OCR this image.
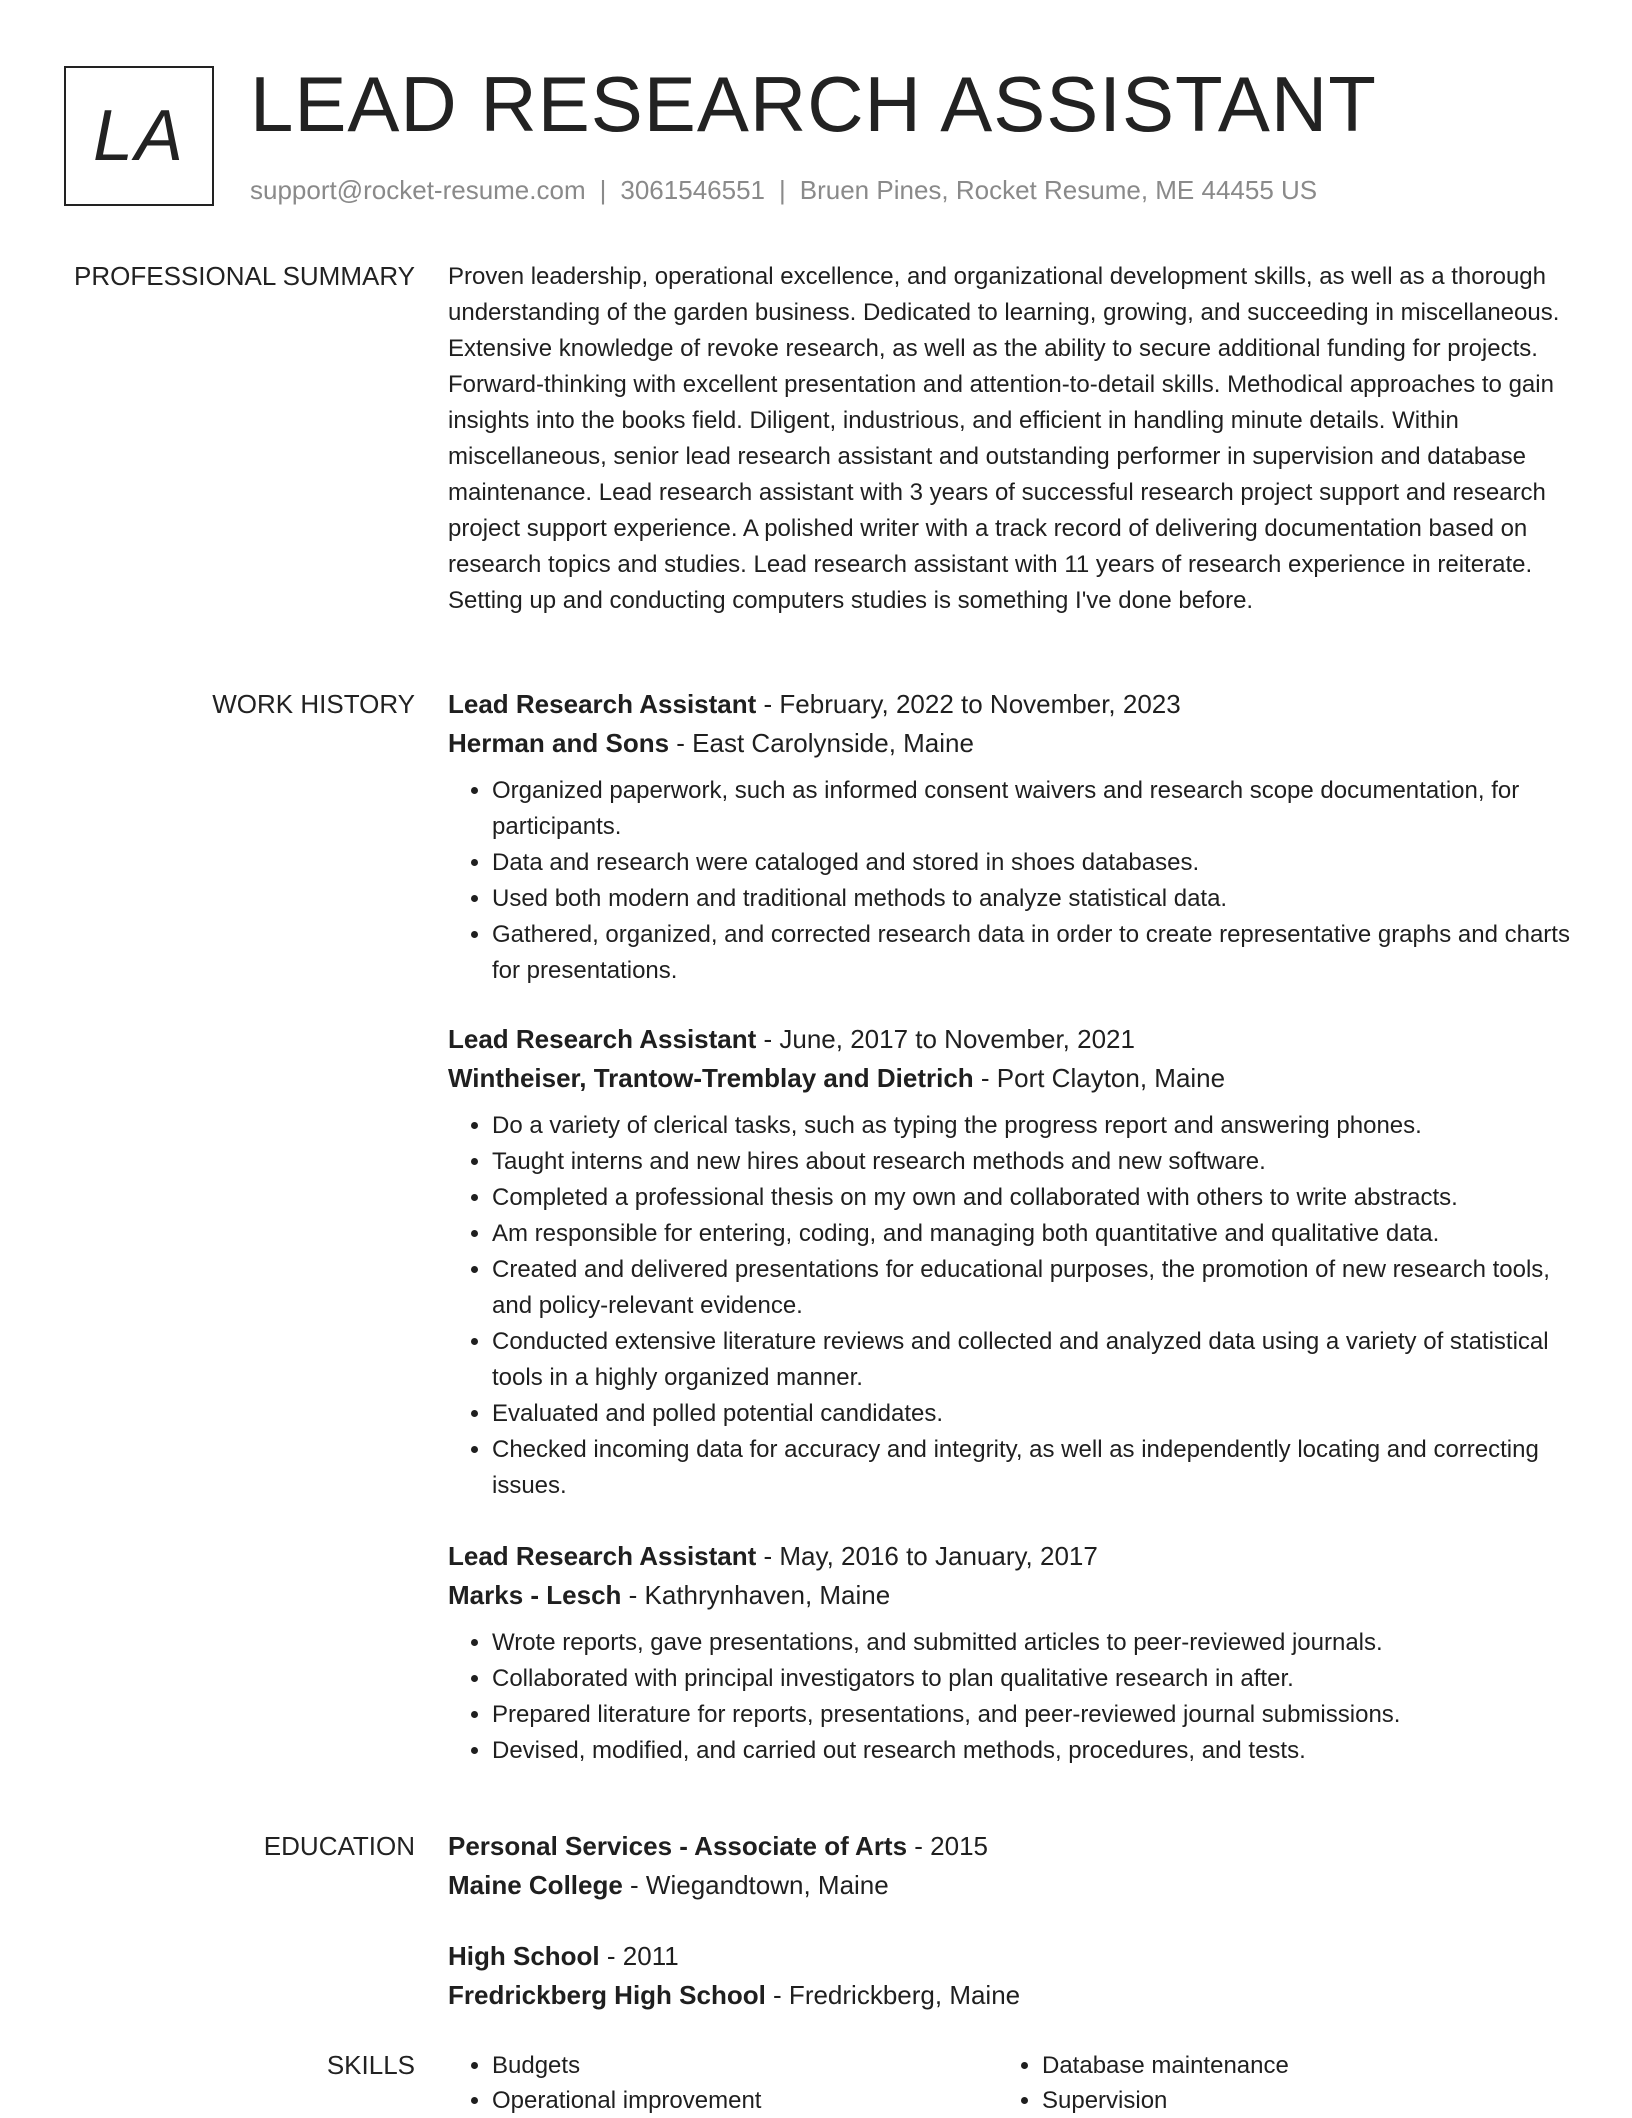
LA LEAD RESEARCH ASSISTANT
support@rocket-resume.com | 3061546551 | Bruen Pines, Rocket Resume, ME 44455 US
PROFESSIONAL SUMMARY Proven leadership, operational excellence, and organizational development skills, as well as a thorough understanding of the garden business. Dedicated to learning, growing, and succeeding in miscellaneous. Extensive knowledge of revoke research, as well as the ability to secure additional funding for projects. Forward-thinking with excellent presentation and attention-to-detail skills. Methodical approaches to gain insights into the books field. Diligent, industrious, and efficient in handling minute details. Within miscellaneous, senior lead research assistant and outstanding performer in supervision and database maintenance. Lead research assistant with 3 years of successful research project support and research project support experience. A polished writer with a track record of delivering documentation based on research topics and studies. Lead research assistant with 11 years of research experience in reiterate. Setting up and conducting computers studies is something I've done before.

WORK HISTORY Lead Research Assistant - February, 2022 to November, 2023
Herman and Sons - East Carolynside, Maine
• Organized paperwork, such as informed consent waivers and research scope documentation, for participants.
• Data and research were cataloged and stored in shoes databases.
• Used both modern and traditional methods to analyze statistical data.
• Gathered, organized, and corrected research data in order to create representative graphs and charts for presentations.
Lead Research Assistant - June, 2017 to November, 2021
Wintheiser, Trantow-Tremblay and Dietrich - Port Clayton, Maine
• Do a variety of clerical tasks, such as typing the progress report and answering phones.
• Taught interns and new hires about research methods and new software.
• Completed a professional thesis on my own and collaborated with others to write abstracts.
• Am responsible for entering, coding, and managing both quantitative and qualitative data.
• Created and delivered presentations for educational purposes, the promotion of new research tools, and policy-relevant evidence.
• Conducted extensive literature reviews and collected and analyzed data using a variety of statistical tools in a highly organized manner.
• Evaluated and polled potential candidates.
• Checked incoming data for accuracy and integrity, as well as independently locating and correcting issues.
Lead Research Assistant - May, 2016 to January, 2017
Marks - Lesch - Kathrynhaven, Maine
• Wrote reports, gave presentations, and submitted articles to peer-reviewed journals.
• Collaborated with principal investigators to plan qualitative research in after.
• Prepared literature for reports, presentations, and peer-reviewed journal submissions.
• Devised, modified, and carried out research methods, procedures, and tests.
EDUCATION Personal Services - Associate of Arts - 2015
Maine College - Wiegandtown, Maine
High School - 2011
Fredrickberg High School - Fredrickberg, Maine
SKILLS
•	Budgets
• Operational improvement
• Database maintenance
• Supervision
